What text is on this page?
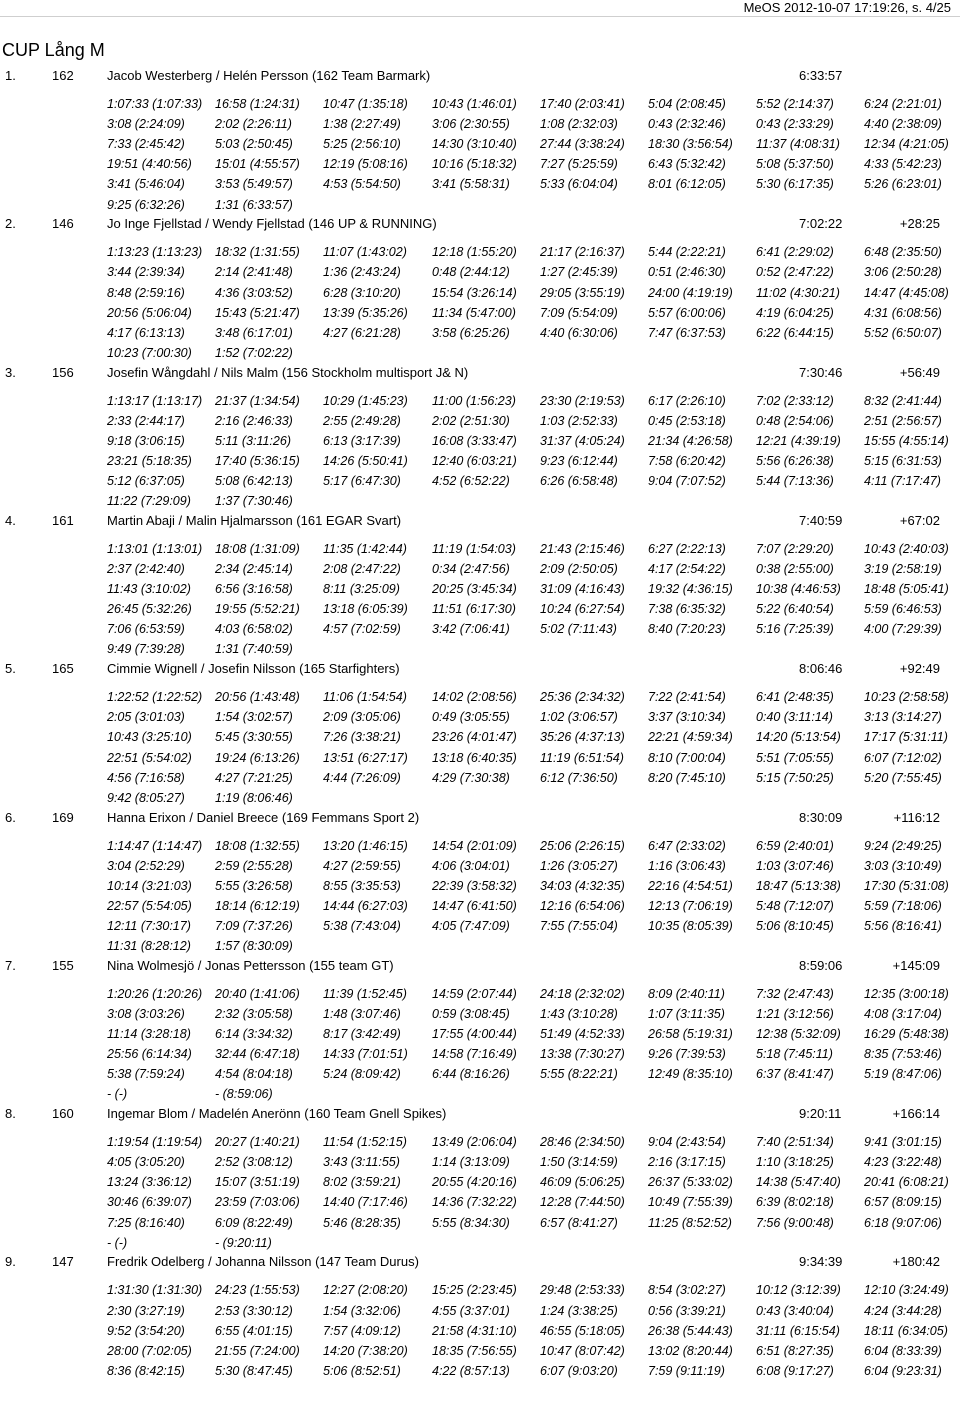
MeOS 2012-10-07 17:19:26, s. 4/25
CUP Lång M
1.	162	Jacob Westerberg / Helén Persson (162 Team Barmark)	6:33:57
1:07:33 (1:07:33) 16:58 (1:24:31) 10:47 (1:35:18) 10:43 (1:46:01) 17:40 (2:03:41) 5:04 (2:08:45) 5:52 (2:14:37) 6:24 (2:21:01)
3:08 (2:24:09) 2:02 (2:26:11) 1:38 (2:27:49) 3:06 (2:30:55) 1:08 (2:32:03) 0:43 (2:32:46) 0:43 (2:33:29) 4:40 (2:38:09)
7:33 (2:45:42) 5:03 (2:50:45) 5:25 (2:56:10) 14:30 (3:10:40) 27:44 (3:38:24) 18:30 (3:56:54) 11:37 (4:08:31) 12:34 (4:21:05)
19:51 (4:40:56) 15:01 (4:55:57) 12:19 (5:08:16) 10:16 (5:18:32) 7:27 (5:25:59) 6:43 (5:32:42) 5:08 (5:37:50) 4:33 (5:42:23)
3:41 (5:46:04) 3:53 (5:49:57) 4:53 (5:54:50) 3:41 (5:58:31) 5:33 (6:04:04) 8:01 (6:12:05) 5:30 (6:17:35) 5:26 (6:23:01)
9:25 (6:32:26) 1:31 (6:33:57)
2.	146	Jo Inge Fjellstad / Wendy Fjellstad (146 UP & RUNNING)	7:02:22	+28:25
1:13:23 (1:13:23) 18:32 (1:31:55) 11:07 (1:43:02) 12:18 (1:55:20) 21:17 (2:16:37) 5:44 (2:22:21) 6:41 (2:29:02) 6:48 (2:35:50)
3:44 (2:39:34) 2:14 (2:41:48) 1:36 (2:43:24) 0:48 (2:44:12) 1:27 (2:45:39) 0:51 (2:46:30) 0:52 (2:47:22) 3:06 (2:50:28)
8:48 (2:59:16) 4:36 (3:03:52) 6:28 (3:10:20) 15:54 (3:26:14) 29:05 (3:55:19) 24:00 (4:19:19) 11:02 (4:30:21) 14:47 (4:45:08)
20:56 (5:06:04) 15:43 (5:21:47) 13:39 (5:35:26) 11:34 (5:47:00) 7:09 (5:54:09) 5:57 (6:00:06) 4:19 (6:04:25) 4:31 (6:08:56)
4:17 (6:13:13) 3:48 (6:17:01) 4:27 (6:21:28) 3:58 (6:25:26) 4:40 (6:30:06) 7:47 (6:37:53) 6:22 (6:44:15) 5:52 (6:50:07)
10:23 (7:00:30) 1:52 (7:02:22)
3.	156	Josefin Wångdahl / Nils Malm (156 Stockholm multisport J& N)	7:30:46	+56:49
1:13:17 (1:13:17) 21:37 (1:34:54) 10:29 (1:45:23) 11:00 (1:56:23) 23:30 (2:19:53) 6:17 (2:26:10) 7:02 (2:33:12) 8:32 (2:41:44)
2:33 (2:44:17) 2:16 (2:46:33) 2:55 (2:49:28) 2:02 (2:51:30) 1:03 (2:52:33) 0:45 (2:53:18) 0:48 (2:54:06) 2:51 (2:56:57)
9:18 (3:06:15) 5:11 (3:11:26)	6:13 (3:17:39) 16:08 (3:33:47) 31:37 (4:05:24) 21:34 (4:26:58) 12:21 (4:39:19) 15:55 (4:55:14)
23:21 (5:18:35) 17:40 (5:36:15) 14:26 (5:50:41) 12:40 (6:03:21) 9:23 (6:12:44) 7:58 (6:20:42) 5:56 (6:26:38) 5:15 (6:31:53)
5:12 (6:37:05) 5:08 (6:42:13) 5:17 (6:47:30) 4:52 (6:52:22) 6:26 (6:58:48) 9:04 (7:07:52) 5:44 (7:13:36) 4:11 (7:17:47)
11:22 (7:29:09) 1:37 (7:30:46)
4.	161	Martin Abaji / Malin Hjalmarsson (161 EGAR Svart)	7:40:59	+67:02
1:13:01 (1:13:01) 18:08 (1:31:09) 11:35 (1:42:44) 11:19 (1:54:03) 21:43 (2:15:46) 6:27 (2:22:13) 7:07 (2:29:20) 10:43 (2:40:03)
2:37 (2:42:40) 2:34 (2:45:14) 2:08 (2:47:22) 0:34 (2:47:56) 2:09 (2:50:05) 4:17 (2:54:22) 0:38 (2:55:00) 3:19 (2:58:19)
11:43 (3:10:02) 6:56 (3:16:58) 8:11 (3:25:09)	20:25 (3:45:34) 31:09 (4:16:43) 19:32 (4:36:15) 10:38 (4:46:53) 18:48 (5:05:41)
26:45 (5:32:26) 19:55 (5:52:21) 13:18 (6:05:39) 11:51 (6:17:30) 10:24 (6:27:54) 7:38 (6:35:32) 5:22 (6:40:54) 5:59 (6:46:53)
7:06 (6:53:59) 4:03 (6:58:02) 4:57 (7:02:59) 3:42 (7:06:41) 5:02 (7:11:43) 8:40 (7:20:23) 5:16 (7:25:39) 4:00 (7:29:39)
9:49 (7:39:28) 1:31 (7:40:59)
5.	165	Cimmie Wignell / Josefin Nilsson (165 Starfighters)	8:06:46	+92:49
1:22:52 (1:22:52) 20:56 (1:43:48) 11:06 (1:54:54) 14:02 (2:08:56) 25:36 (2:34:32) 7:22 (2:41:54) 6:41 (2:48:35) 10:23 (2:58:58)
2:05 (3:01:03) 1:54 (3:02:57) 2:09 (3:05:06) 0:49 (3:05:55) 1:02 (3:06:57) 3:37 (3:10:34) 0:40 (3:11:14) 3:13 (3:14:27)
10:43 (3:25:10) 5:45 (3:30:55) 7:26 (3:38:21) 23:26 (4:01:47) 35:26 (4:37:13) 22:21 (4:59:34) 14:20 (5:13:54) 17:17 (5:31:11)
22:51 (5:54:02) 19:24 (6:13:26) 13:51 (6:27:17) 13:18 (6:40:35) 11:19 (6:51:54) 8:10 (7:00:04) 5:51 (7:05:55) 6:07 (7:12:02)
4:56 (7:16:58) 4:27 (7:21:25) 4:44 (7:26:09) 4:29 (7:30:38) 6:12 (7:36:50) 8:20 (7:45:10) 5:15 (7:50:25) 5:20 (7:55:45)
9:42 (8:05:27) 1:19 (8:06:46)
6.	169	Hanna Erixon / Daniel Breece (169 Femmans Sport 2)	8:30:09	+116:12
1:14:47 (1:14:47) 18:08 (1:32:55) 13:20 (1:46:15) 14:54 (2:01:09) 25:06 (2:26:15) 6:47 (2:33:02) 6:59 (2:40:01) 9:24 (2:49:25)
3:04 (2:52:29) 2:59 (2:55:28) 4:27 (2:59:55) 4:06 (3:04:01) 1:26 (3:05:27) 1:16 (3:06:43) 1:03 (3:07:46) 3:03 (3:10:49)
10:14 (3:21:03) 5:55 (3:26:58) 8:55 (3:35:53) 22:39 (3:58:32) 34:03 (4:32:35) 22:16 (4:54:51) 18:47 (5:13:38) 17:30 (5:31:08)
22:57 (5:54:05) 18:14 (6:12:19) 14:44 (6:27:03) 14:47 (6:41:50) 12:16 (6:54:06) 12:13 (7:06:19) 5:48 (7:12:07) 5:59 (7:18:06)
12:11 (7:30:17) 7:09 (7:37:26) 5:38 (7:43:04) 4:05 (7:47:09) 7:55 (7:55:04) 10:35 (8:05:39) 5:06 (8:10:45) 5:56 (8:16:41)
11:31 (8:28:12) 1:57 (8:30:09)
7.	155	Nina Wolmesjö / Jonas Pettersson (155 team GT)	8:59:06	+145:09
1:20:26 (1:20:26) 20:40 (1:41:06) 11:39 (1:52:45) 14:59 (2:07:44) 24:18 (2:32:02) 8:09 (2:40:11) 7:32 (2:47:43) 12:35 (3:00:18)
3:08 (3:03:26) 2:32 (3:05:58) 1:48 (3:07:46) 0:59 (3:08:45) 1:43 (3:10:28) 1:07 (3:11:35) 1:21 (3:12:56) 4:08 (3:17:04)
11:14 (3:28:18) 6:14 (3:34:32) 8:17 (3:42:49) 17:55 (4:00:44) 51:49 (4:52:33) 26:58 (5:19:31) 12:38 (5:32:09) 16:29 (5:48:38)
25:56 (6:14:34) 32:44 (6:47:18) 14:33 (7:01:51) 14:58 (7:16:49) 13:38 (7:30:27) 9:26 (7:39:53) 5:18 (7:45:11) 8:35 (7:53:46)
5:38 (7:59:24) 4:54 (8:04:18) 5:24 (8:09:42) 6:44 (8:16:26) 5:55 (8:22:21) 12:49 (8:35:10) 6:37 (8:41:47) 5:19 (8:47:06)
- (-)	- (8:59:06)
8.	160	Ingemar Blom / Madelén Anerönn (160 Team Gnell Spikes)	9:20:11	+166:14
1:19:54 (1:19:54) 20:27 (1:40:21) 11:54 (1:52:15) 13:49 (2:06:04) 28:46 (2:34:50) 9:04 (2:43:54) 7:40 (2:51:34) 9:41 (3:01:15)
4:05 (3:05:20) 2:52 (3:08:12) 3:43 (3:11:55)	1:14 (3:13:09) 1:50 (3:14:59) 2:16 (3:17:15) 1:10 (3:18:25) 4:23 (3:22:48)
13:24 (3:36:12) 15:07 (3:51:19) 8:02 (3:59:21) 20:55 (4:20:16) 46:09 (5:06:25) 26:37 (5:33:02) 14:38 (5:47:40) 20:41 (6:08:21)
30:46 (6:39:07) 23:59 (7:03:06) 14:40 (7:17:46) 14:36 (7:32:22) 12:28 (7:44:50) 10:49 (7:55:39) 6:39 (8:02:18) 6:57 (8:09:15)
7:25 (8:16:40) 6:09 (8:22:49) 5:46 (8:28:35) 5:55 (8:34:30) 6:57 (8:41:27) 11:25 (8:52:52) 7:56 (9:00:48) 6:18 (9:07:06)
- (-)	- (9:20:11)
9.	147	Fredrik Odelberg / Johanna Nilsson (147 Team Durus)	9:34:39	+180:42
1:31:30 (1:31:30) 24:23 (1:55:53) 12:27 (2:08:20) 15:25 (2:23:45) 29:48 (2:53:33) 8:54 (3:02:27) 10:12 (3:12:39) 12:10 (3:24:49)
2:30 (3:27:19) 2:53 (3:30:12) 1:54 (3:32:06) 4:55 (3:37:01) 1:24 (3:38:25) 0:56 (3:39:21) 0:43 (3:40:04) 4:24 (3:44:28)
9:52 (3:54:20) 6:55 (4:01:15) 7:57 (4:09:12) 21:58 (4:31:10) 46:55 (5:18:05) 26:38 (5:44:43) 31:11 (6:15:54) 18:11 (6:34:05)
28:00 (7:02:05) 21:55 (7:24:00) 14:20 (7:38:20) 18:35 (7:56:55) 10:47 (8:07:42) 13:02 (8:20:44) 6:51 (8:27:35) 6:04 (8:33:39)
8:36 (8:42:15) 5:30 (8:47:45) 5:06 (8:52:51) 4:22 (8:57:13) 6:07 (9:03:20) 7:59 (9:11:19) 6:08 (9:17:27) 6:04 (9:23:31)
